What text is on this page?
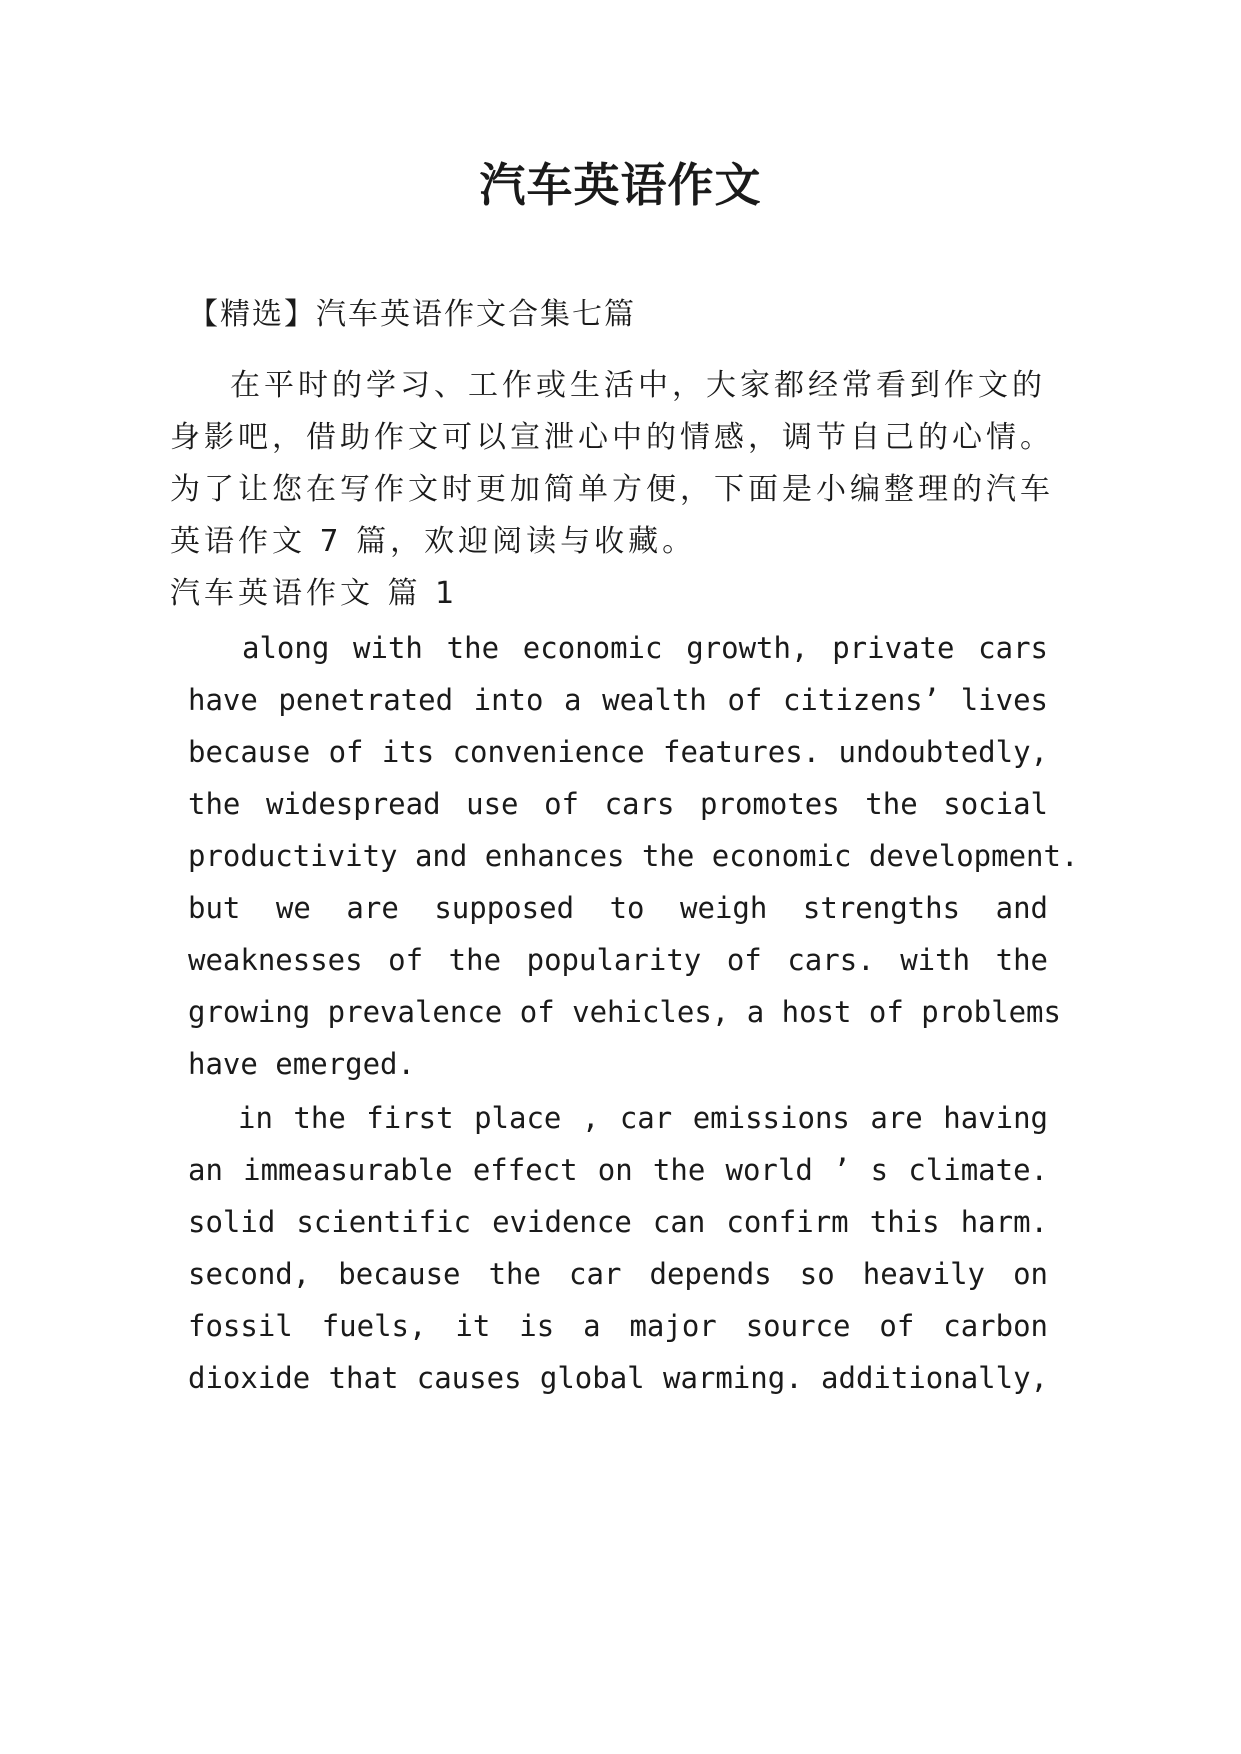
汽车英语作文

【精选】汽车英语作文合集七篇

在平时的学习、工作或生活中，大家都经常看到作文的

身影吧，借助作文可以宣泄心中的情感，调节自己的心情。

为了让您在写作文时更加简单方便，下面是小编整理的汽车

英语作文 7 篇，欢迎阅读与收藏。

汽车英语作文 篇 1

along with the economic growth, private cars

have penetrated into a wealth of citizens’ lives

because of its convenience features. undoubtedly,

the widespread use of cars promotes the social

productivity and enhances the economic development.

but we are supposed to weigh strengths and

weaknesses of the popularity of cars. with the

growing prevalence of vehicles, a host of problems

have emerged.

in the first place , car emissions are having

an immeasurable effect on the world ’ s climate.

solid scientific evidence can confirm this harm.

second, because the car depends so heavily on

fossil fuels, it is a major source of carbon

dioxide that causes global warming. additionally,
